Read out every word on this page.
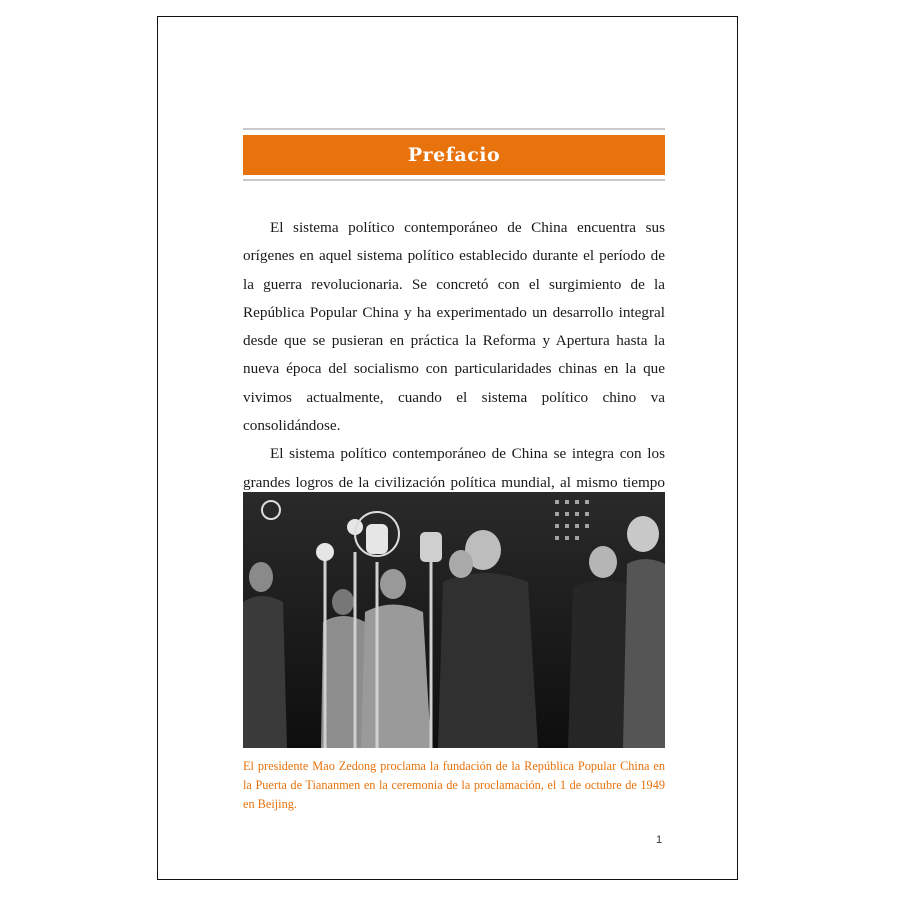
Prefacio

El sistema político contemporáneo de China encuentra sus orígenes en aquel sistema político establecido durante el período de la guerra revolucionaria. Se concretó con el surgimiento de la República Popular China y ha experimentado un desarrollo integral desde que se pusieran en práctica la Reforma y Apertura hasta la nueva época del socialismo con particularidades chinas en la que vivimos actualmente, cuando el sistema político chino va consolidándose.

El sistema político contemporáneo de China se integra con los grandes logros de la civilización política mundial, al mismo tiempo

El presidente Mao Zedong proclama la fundación de la República Popular China en la Puerta de Tiananmen en la ceremonia de la proclamación, el 1 de octubre de 1949 en Beijing.
1
